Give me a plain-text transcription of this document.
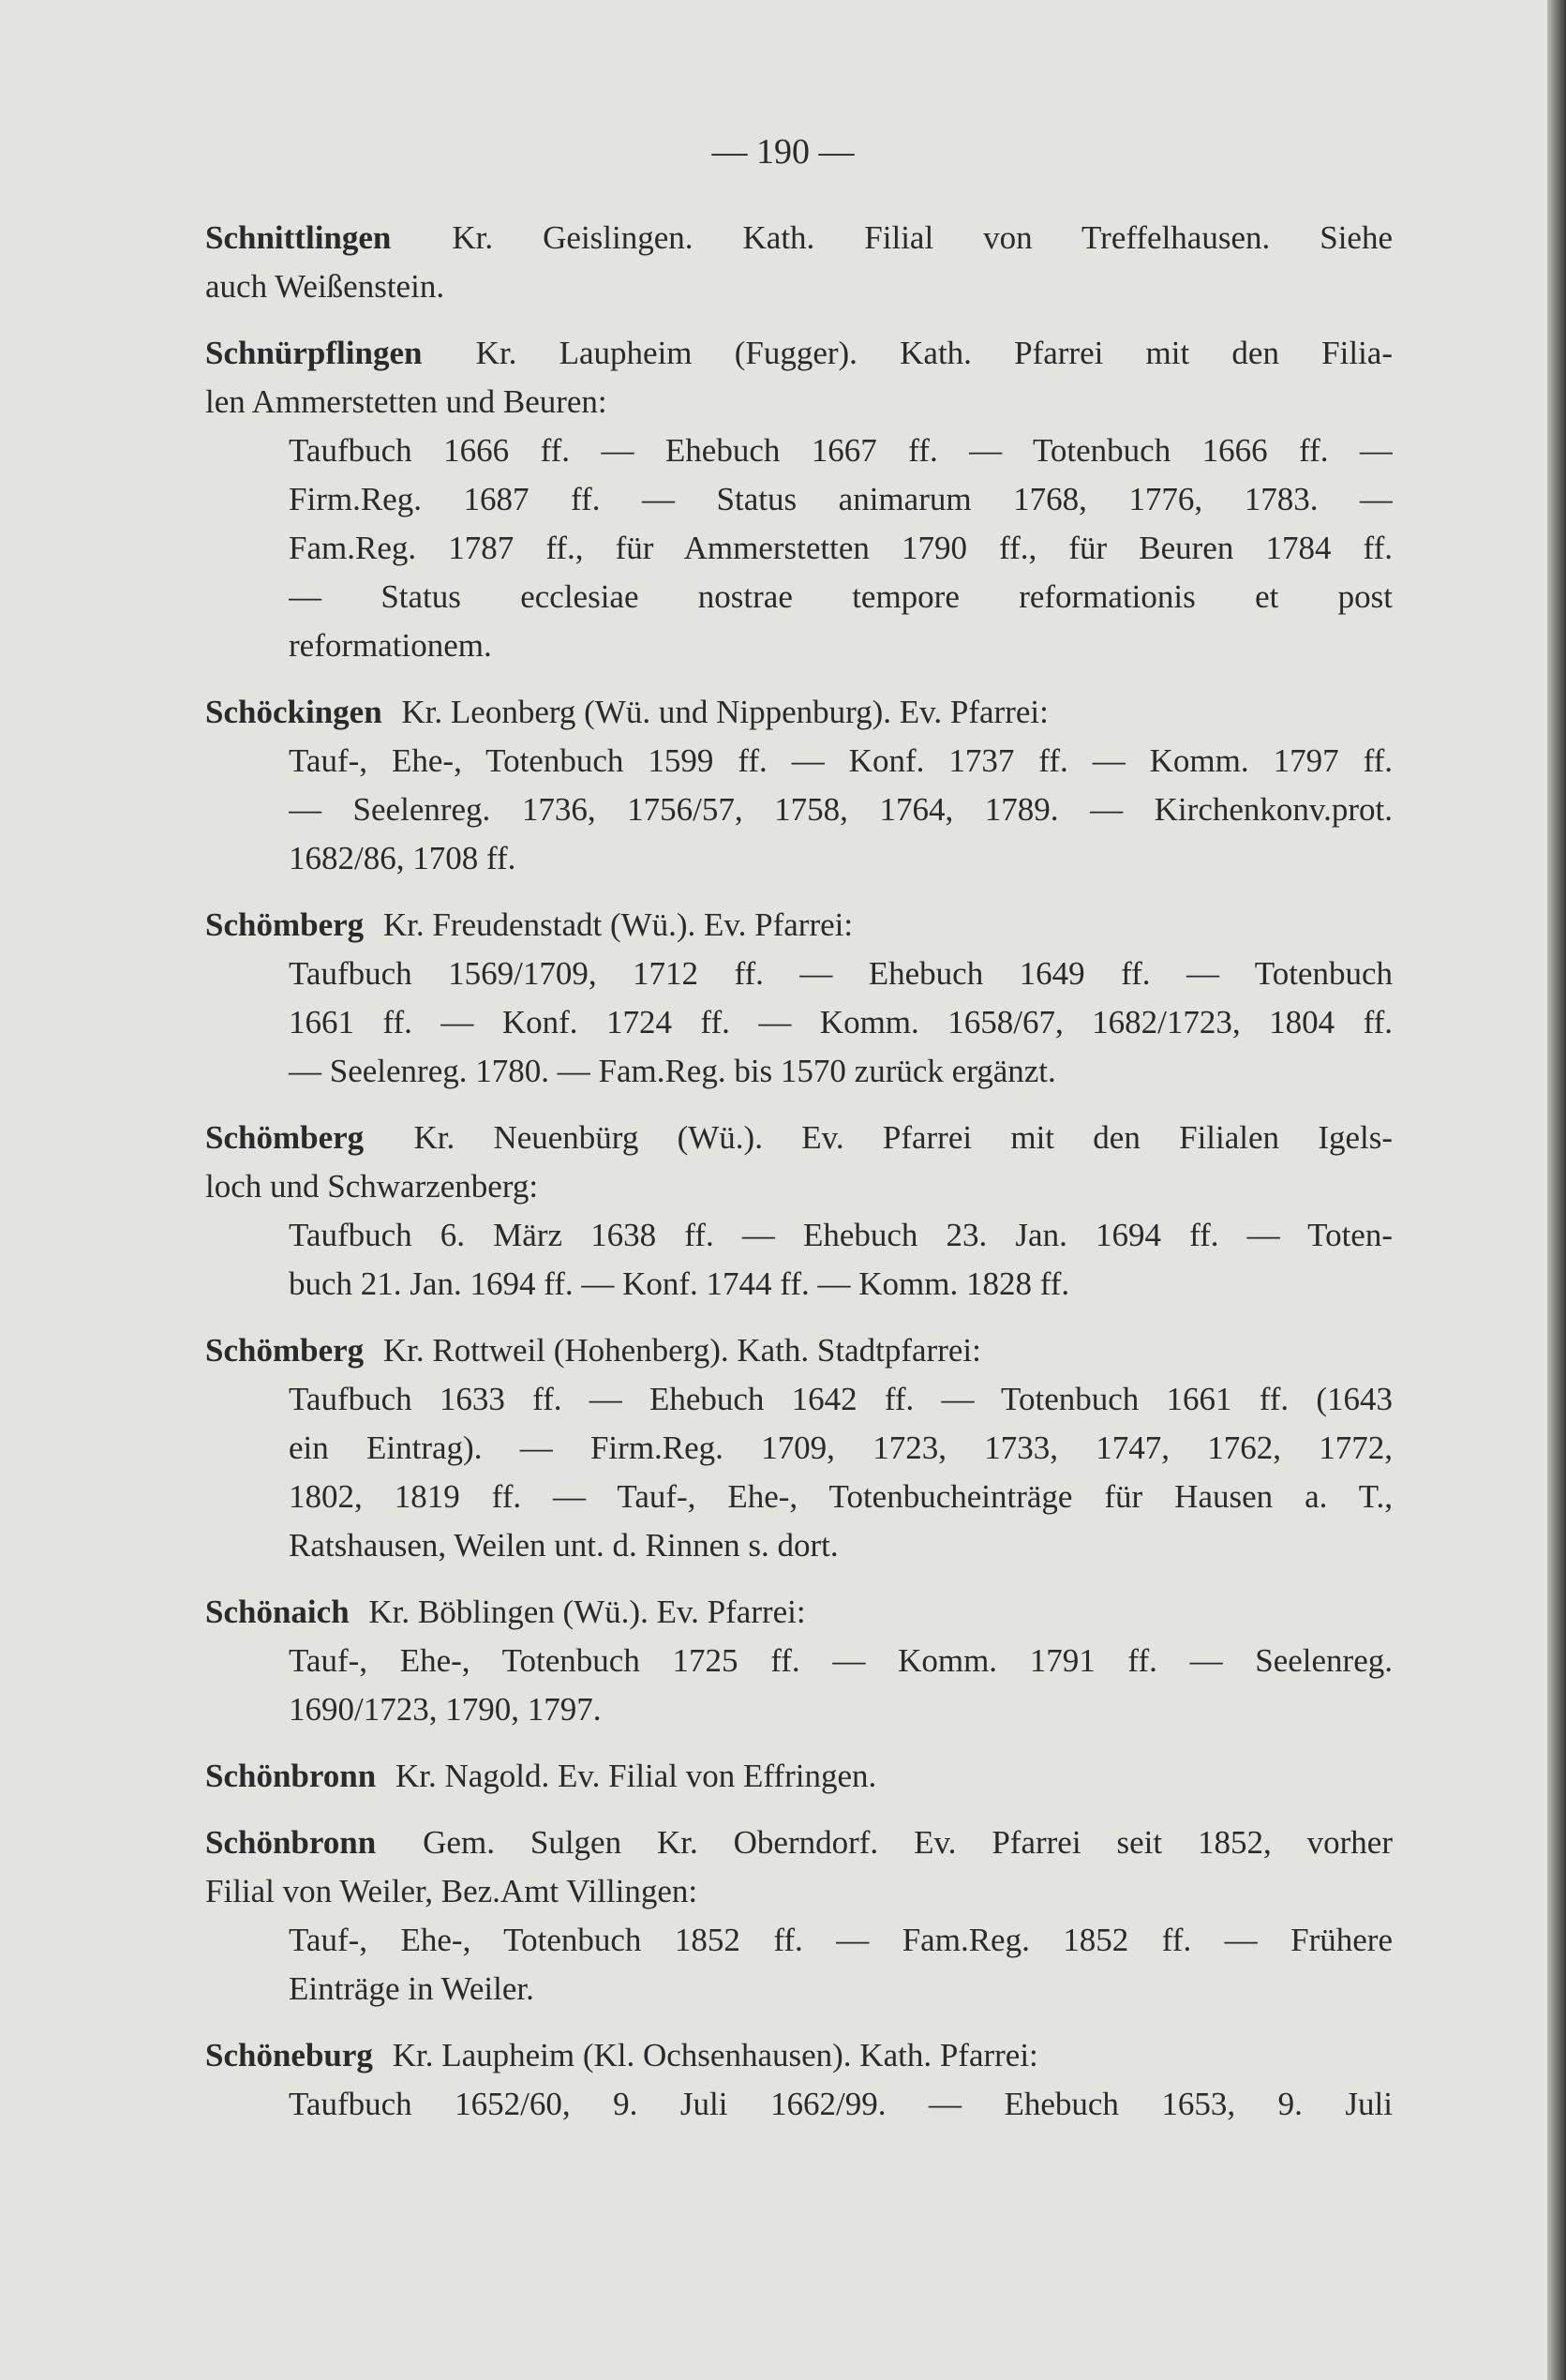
— 190 —
Schnittlingen Kr. Geislingen. Kath. Filial von Treffelhausen. Siehe
auch Weißenstein.
Schnürpflingen Kr. Laupheim (Fugger). Kath. Pfarrei mit den Filia-
len Ammerstetten und Beuren:
Taufbuch 1666 ff. — Ehebuch 1667 ff. — Totenbuch 1666 ff. —
Firm.Reg. 1687 ff. — Status animarum 1768, 1776, 1783. —
Fam.Reg. 1787 ff., für Ammerstetten 1790 ff., für Beuren 1784 ff.
— Status ecclesiae nostrae tempore reformationis et post
reformationem.
Schöckingen Kr. Leonberg (Wü. und Nippenburg). Ev. Pfarrei:
Tauf-, Ehe-, Totenbuch 1599 ff. — Konf. 1737 ff. — Komm. 1797 ff.
— Seelenreg. 1736, 1756/57, 1758, 1764, 1789. — Kirchenkonv.prot.
1682/86, 1708 ff.
Schömberg Kr. Freudenstadt (Wü.). Ev. Pfarrei:
Taufbuch 1569/1709, 1712 ff. — Ehebuch 1649 ff. — Totenbuch
1661 ff. — Konf. 1724 ff. — Komm. 1658/67, 1682/1723, 1804 ff.
— Seelenreg. 1780. — Fam.Reg. bis 1570 zurück ergänzt.
Schömberg Kr. Neuenbürg (Wü.). Ev. Pfarrei mit den Filialen Igels-
loch und Schwarzenberg:
Taufbuch 6. März 1638 ff. — Ehebuch 23. Jan. 1694 ff. — Toten-
buch 21. Jan. 1694 ff. — Konf. 1744 ff. — Komm. 1828 ff.
Schömberg Kr. Rottweil (Hohenberg). Kath. Stadtpfarrei:
Taufbuch 1633 ff. — Ehebuch 1642 ff. — Totenbuch 1661 ff. (1643
ein Eintrag). — Firm.Reg. 1709, 1723, 1733, 1747, 1762, 1772,
1802, 1819 ff. — Tauf-, Ehe-, Totenbucheinträge für Hausen a. T.,
Ratshausen, Weilen unt. d. Rinnen s. dort.
Schönaich Kr. Böblingen (Wü.). Ev. Pfarrei:
Tauf-, Ehe-, Totenbuch 1725 ff. — Komm. 1791 ff. — Seelenreg.
1690/1723, 1790, 1797.
Schönbronn Kr. Nagold. Ev. Filial von Effringen.
Schönbronn Gem. Sulgen Kr. Oberndorf. Ev. Pfarrei seit 1852, vorher
Filial von Weiler, Bez.Amt Villingen:
Tauf-, Ehe-, Totenbuch 1852 ff. — Fam.Reg. 1852 ff. — Frühere
Einträge in Weiler.
Schöneburg Kr. Laupheim (Kl. Ochsenhausen). Kath. Pfarrei:
Taufbuch 1652/60, 9. Juli 1662/99. — Ehebuch 1653, 9. Juli
